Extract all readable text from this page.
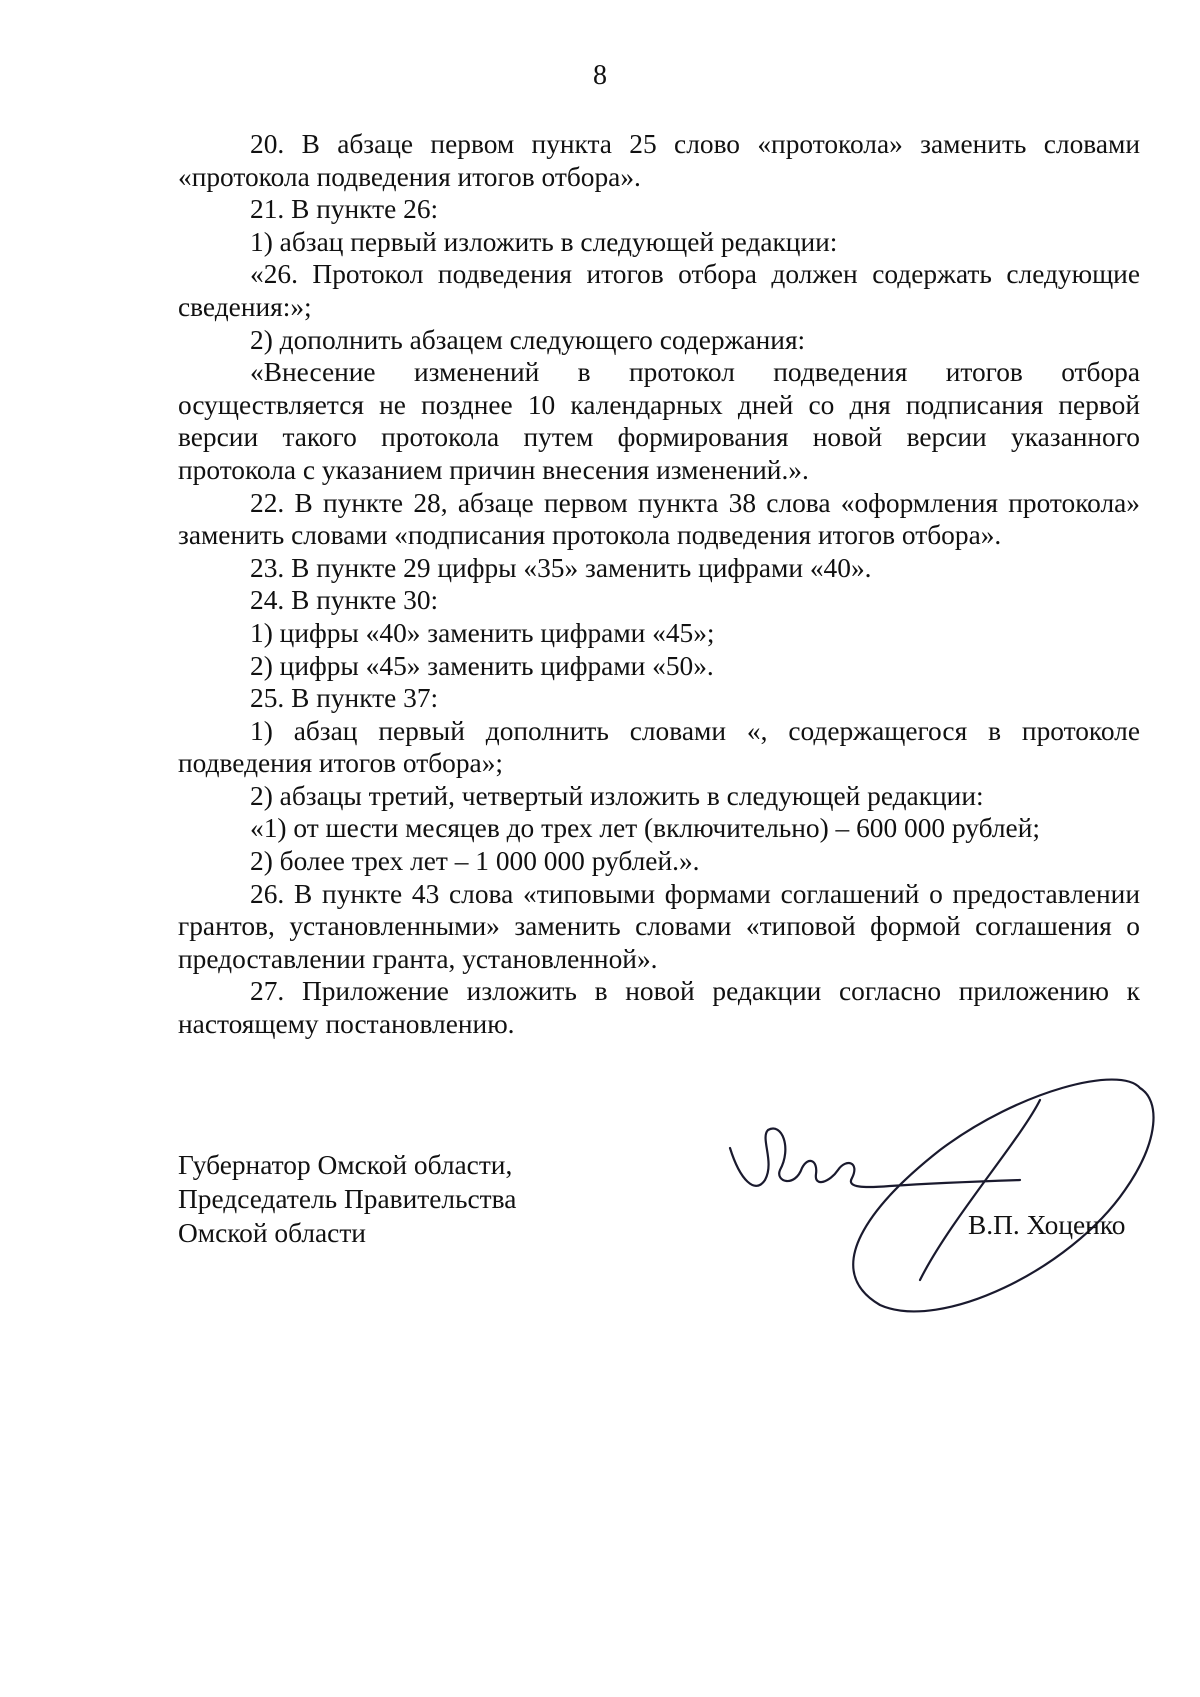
8

20. В абзаце первом пункта 25 слово «протокола» заменить словами «протокола подведения итогов отбора».

21. В пункте 26:

1) абзац первый изложить в следующей редакции:

«26. Протокол подведения итогов отбора должен содержать следующие сведения:»;

2) дополнить абзацем следующего содержания:

«Внесение изменений в протокол подведения итогов отбора осуществляется не позднее 10 календарных дней со дня подписания первой версии такого протокола путем формирования новой версии указанного протокола с указанием причин внесения изменений.».

22. В пункте 28, абзаце первом пункта 38 слова «оформления протокола» заменить словами «подписания протокола подведения итогов отбора».

23. В пункте 29 цифры «35» заменить цифрами «40».

24. В пункте 30:

1) цифры «40» заменить цифрами «45»;

2) цифры «45» заменить цифрами «50».

25. В пункте 37:

1) абзац первый дополнить словами «, содержащегося в протоколе подведения итогов отбора»;

2) абзацы третий, четвертый изложить в следующей редакции:

«1) от шести месяцев до трех лет (включительно) – 600 000 рублей;

2) более трех лет – 1 000 000 рублей.».

26. В пункте 43 слова «типовыми формами соглашений о предоставлении грантов, установленными» заменить словами «типовой формой соглашения о предоставлении гранта, установленной».

27. Приложение изложить в новой редакции согласно приложению к настоящему постановлению.

Губернатор Омской области,
Председатель Правительства
Омской области	В.П. Хоценко
